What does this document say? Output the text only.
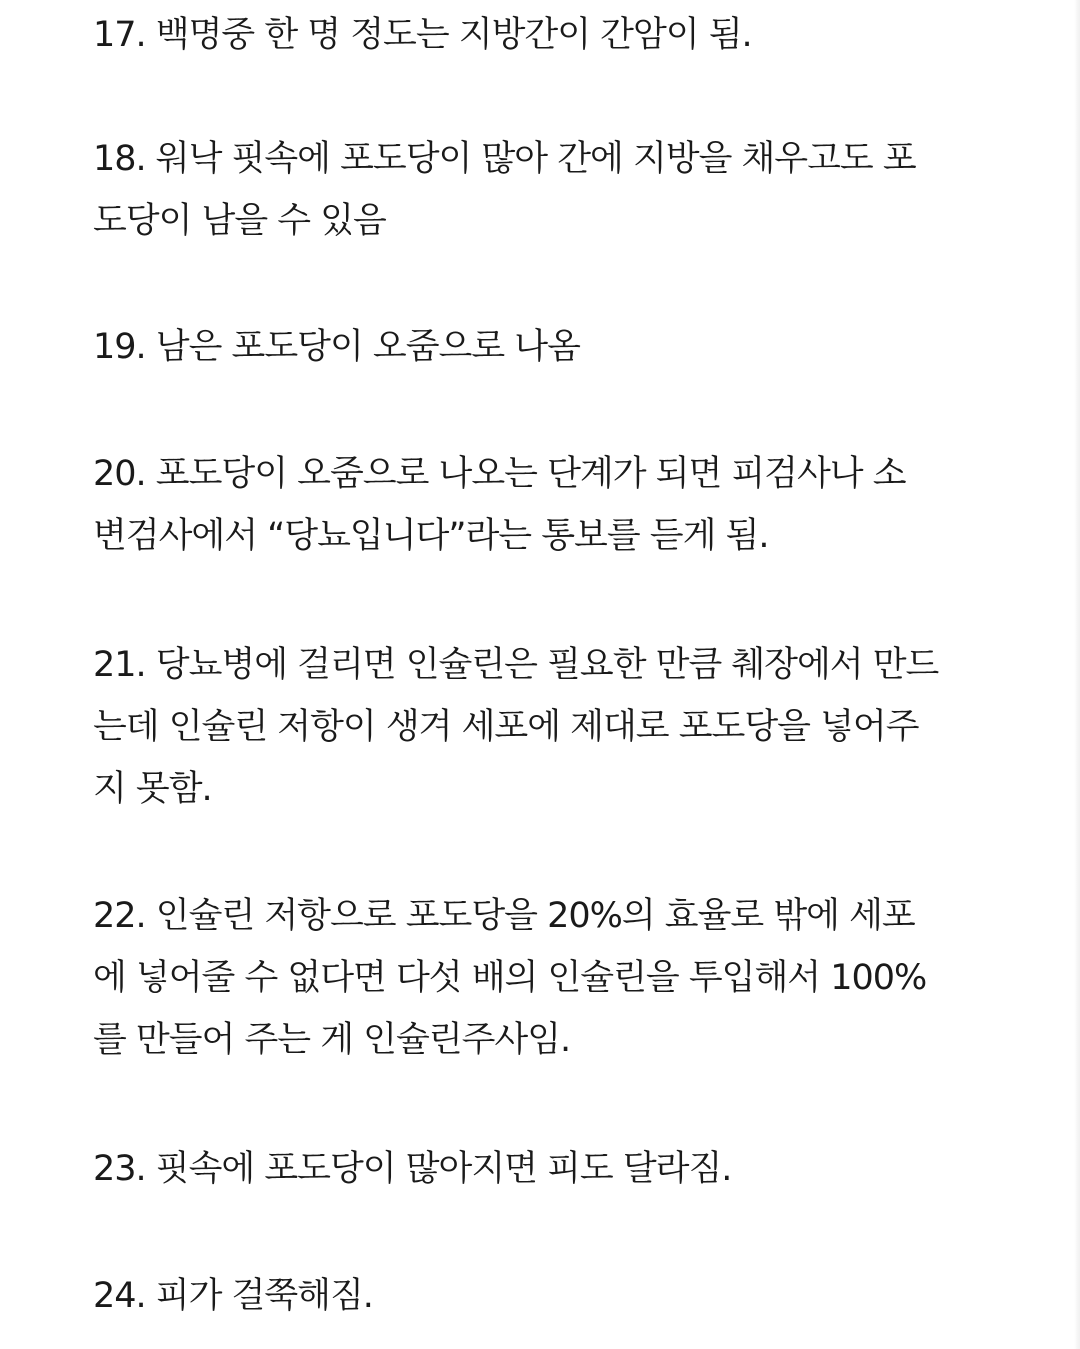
17. 백명중 한 명 정도는 지방간이 간암이 됨.
18. 워낙 핏속에 포도당이 많아 간에 지방을 채우고도 포
도당이 남을 수 있음
19. 남은 포도당이 오줌으로 나옴
20. 포도당이 오줌으로 나오는 단계가 되면 피검사나 소
변검사에서 “당뇨입니다”라는 통보를 듣게 됨.
21. 당뇨병에 걸리면 인슐린은 필요한 만큼 췌장에서 만드
는데 인슐린 저항이 생겨 세포에 제대로 포도당을 넣어주
지 못함.
22. 인슐린 저항으로 포도당을 20%의 효율로 밖에 세포
에 넣어줄 수 없다면 다섯 배의 인슐린을 투입해서 100%
를 만들어 주는 게 인슐린주사임.
23. 핏속에 포도당이 많아지면 피도 달라짐.
24. 피가 걸쭉해짐.
